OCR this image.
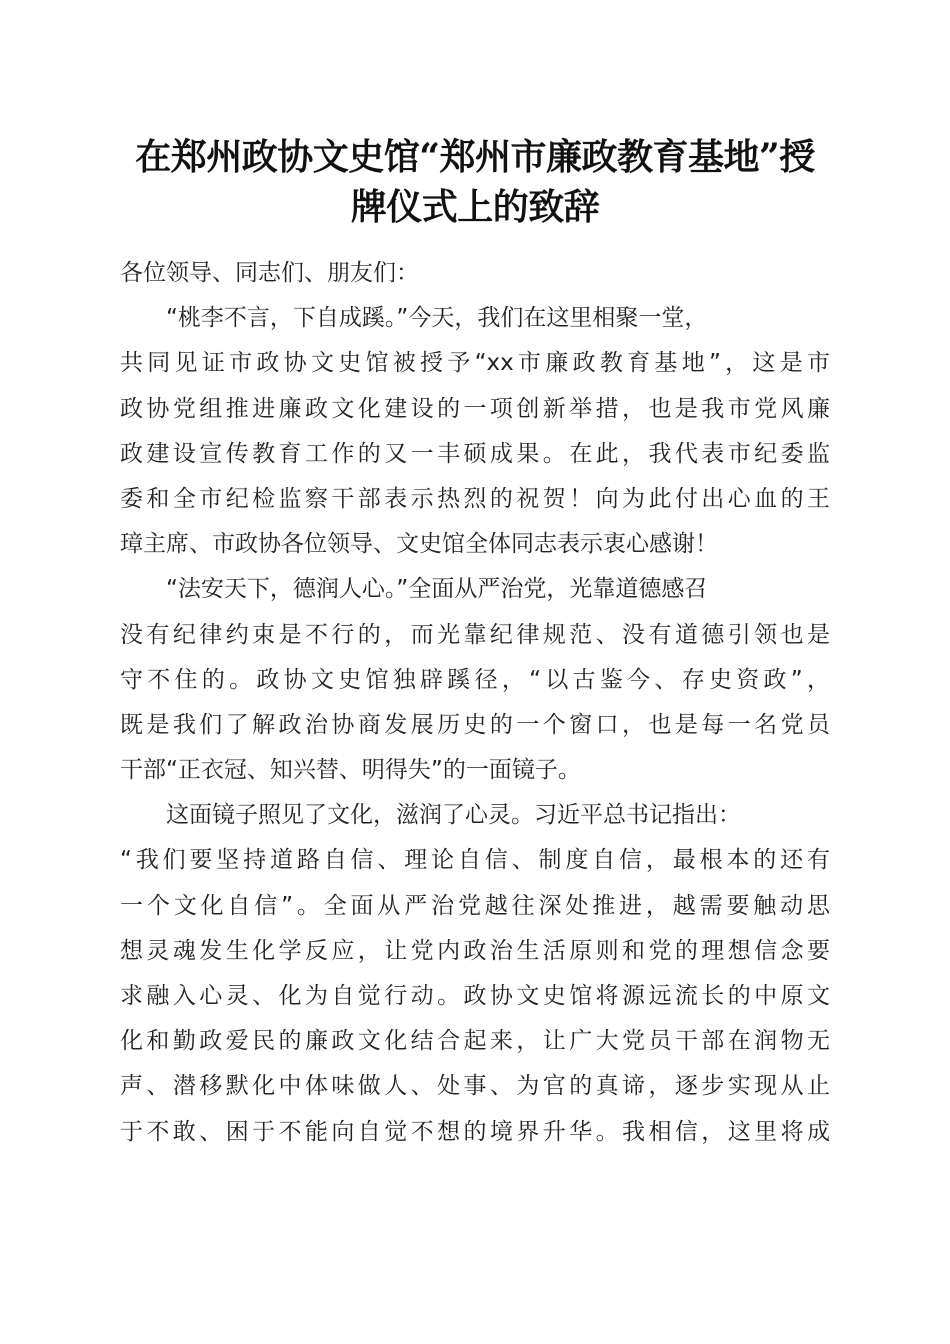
在郑州政协文史馆“郑州市廉政教育基地”授
牌仪式上的致辞
各位领导、同志们、朋友们：
“桃李不言，下自成蹊。”今天，我们在这里相聚一堂，
共同见证市政协文史馆被授予“xx市廉政教育基地”，这是市
政协党组推进廉政文化建设的一项创新举措，也是我市党风廉
政建设宣传教育工作的又一丰硕成果。在此，我代表市纪委监
委和全市纪检监察干部表示热烈的祝贺！向为此付出心血的王
璋主席、市政协各位领导、文史馆全体同志表示衷心感谢！
“法安天下，德润人心。”全面从严治党，光靠道德感召
没有纪律约束是不行的，而光靠纪律规范、没有道德引领也是
守不住的。政协文史馆独辟蹊径，“以古鉴今、存史资政”，
既是我们了解政治协商发展历史的一个窗口，也是每一名党员
干部“正衣冠、知兴替、明得失”的一面镜子。
这面镜子照见了文化，滋润了心灵。习近平总书记指出：
“我们要坚持道路自信、理论自信、制度自信，最根本的还有
一个文化自信”。全面从严治党越往深处推进，越需要触动思
想灵魂发生化学反应，让党内政治生活原则和党的理想信念要
求融入心灵、化为自觉行动。政协文史馆将源远流长的中原文
化和勤政爱民的廉政文化结合起来，让广大党员干部在润物无
声、潜移默化中体味做人、处事、为官的真谛，逐步实现从止
于不敢、困于不能向自觉不想的境界升华。我相信，这里将成
